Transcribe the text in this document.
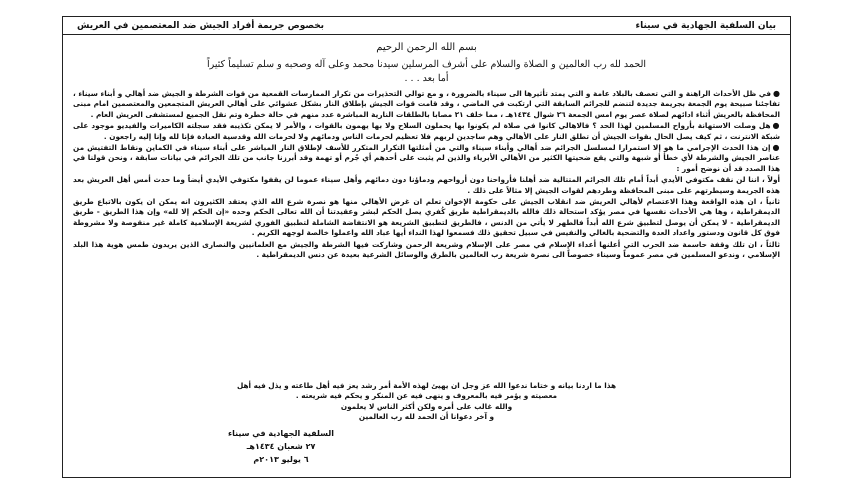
بيان السلفية الجهادية في سيناء
بخصوص جريمة أفراد الجيش ضد المعتصمين في العريش
بسم الله الرحمن الرحيم
الحمد لله رب العالمين و الصلاة والسلام على أشرف المرسلين سيدنا محمد وعلى آله وصحبه و سلم تسليماً كثيراً
أما بعد . . .

●في ظل الأحداث الراهنة و التي تعصف بالبلاد عامة و التي يمتد تأثيرها الى سيناء بالضرورة ، و مع توالي التحذيرات من تكرار الممارسات القمعية من قوات الشرطة و الجيش ضد أهالي و أبناء سيناء ، تفاجئنا صبيحة يوم الجمعة بجريمة جديدة لتنضم للجرائم السابقة التي ارتكبت في الماضي ، وقد قامت قوات الجيش بإطلاق النار بشكل عشوائي على أهالي العريش المتجمعين والمعتصمين امام مبنى المحافظة بالعريش أثناء ادائهم لصلاة عصر يوم امس الجمعة ٢٦ شوال ١٤٣٤هـ ، مما خلف ٢١ مصابا بالطلقات النارية المباشرة عدد منهم في حالة خطرة وتم نقل الجميع لمستشفى العريش العام .

●هل وصلت الاستهانة بأرواح المسلمين لهذا الحد ؟ فالاهالي كانوا في صلاة لم يكونوا بها يحملون السلاح ولا بها يهمون بالقوات ، والأمر لا يمكن تكذيبه فقد سجلته الكاميرات والفيديو موجود على شبكة الانترنت ، ثم كيف يصل الحال بقوات الجيش أن تطلق النار على الأهالي وهم ساجدين لربهم فلا تعظيم لحرمات الناس ودمائهم ولا لحرمات الله وقدسية العبادة فإنا لله وإنا إليه راجعون .

●إن هذا الحدث الإجرامي ما هو إلا استمرارا لمسلسل الجرائم ضد أهالي وأبناء سيناء والتي من أمثلتها التكرار المتكرر للأسف لإطلاق النار المباشر على أبناء سيناء في الكماين ونقاط التفتيش من عناصر الجيش والشرطة لأي خطأ أو شبهة والتي يقع ضحيتها الكثير من الأهالي الأبرياء والذين لم يثبت على أحدهم أي جُرم أو تهمة وقد أبرزنا جانب من تلك الجرائم في بيانات سابقة ، ونحن قولنا في هذا الصدد قد أن نوضح أمور :

أولاً ، اننا لن نقف مكتوفي الأيدي أبداً أمام تلك الجرائم المتتالية ضد أهلنا فأرواحنا دون أرواحهم ودماؤنا دون دمائهم وأهل سيناء عموما لن يقفوا مكتوفي الأيدي أيضاً وما حدث أمس أهل العريش بعد هذه الجريمة وسيطرتهم على مبنى المحافظة وطردهم لقوات الجيش إلا مثالاً على ذلك .

ثانياً ، ان هذه الواقعة وهذا الاعتصام لأهالي العريش ضد انقلاب الجيش على حكومة الإخوان تعلم ان غرض الأهالي منها هو نصرة شرع الله الذي يعتقد الكثيرون انه يمكن ان يكون بالاتباع طريق الديمقراطية ، وها هي الأحداث نفسها في مصر يؤكد استحالة ذلك فالله بالديمقراطية طريق كُفري يصل الحكم لبشر وعقيدتنا أن الله تعالى الحكم وحده «إن الحكم إلا لله» وإن هذا الطريق - طريق الديمقراطية - لا يمكن أن يوصل لتطبيق شرع الله أبداً فالطهر لا يأتي من الدنس ، فالطريق لتطبيق الشريعة هو الانتفاضة الشاملة لتطبيق الفوري لشريعة الإسلامية كاملة غير منقوصة ولا مشروطة فوق كل قانون ودستور واعداد العدة والتضحية بالغالي والنفيس في سبيل تحقيق ذلك فسمعوا لهذا النداء أيها عباد الله واعملوا خالصة لوجهه الكريم .

ثالثاً ، ان تلك وقفة حاسمة ضد الحرب التي أعلنها أعداء الإسلام في مصر على الإسلام وشريعة الرحمن وشاركت فيها الشرطة والجيش مع العلمانيين والنصارى الذين يريدون طمس هوية هذا البلد الإسلامي ، وندعو المسلمين في مصر عموماً وسيناء خصوصاً الى نصرة شريعة رب العالمين بالطرق والوسائل الشرعية بعيدة عن دنس الديمقراطية .

هذا ما اردنا بيانه و ختاما ندعوا الله عز وجل ان يهيئ لهذه الأمة أمر رشد يعز فيه أهل طاعته و يذل فيه أهل

معصيته و يؤمر فيه بالمعروف و ينهى فيه عن المنكر و يحكم فيه شريعته .

والله غالب على أمره ولكن أكثر الناس لا يعلمون

و آخر دعوانا أن الحمد لله رب العالمين

السلفية الجهادية في سيناء
٢٧ شعبان ١٤٣٤هـ
٦ يوليو ٢٠١٣م
